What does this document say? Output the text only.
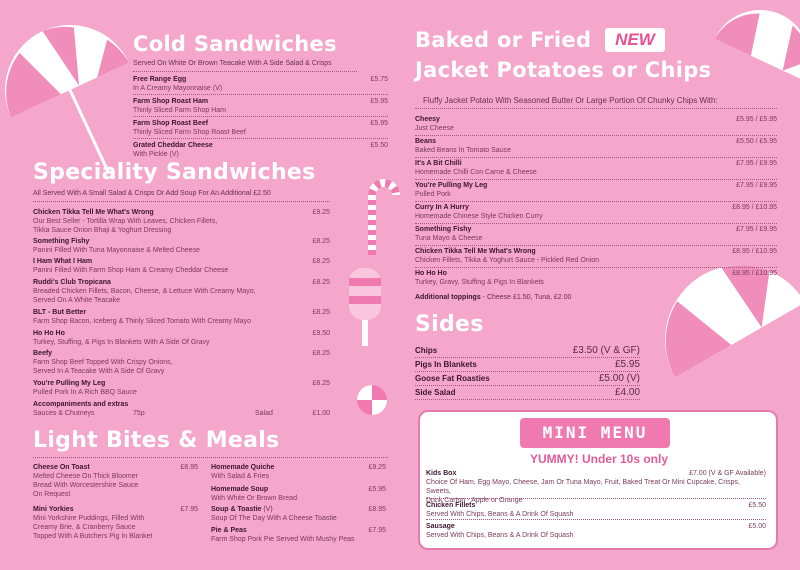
Cold Sandwiches
Served On White Or Brown Teacake With A Side Salad & Crisps
Free Range Egg	£5.75
In A Creamy Mayonnaise (V)
Farm Shop Roast Ham	£5.95
Thinly Sliced Farm Shop Ham
Farm Shop Roast Beef	£5.95
Thinly Sliced Farm Shop Roast Beef
Grated Cheddar Cheese	£5.50
With Pickle (V)
Speciality Sandwiches
All Served With A Small Salad & Crisps Or Add Soup For An Additional £2.50
Chicken Tikka Tell Me What's Wrong	£9.25
Our Best Seller - Tortilla Wrap With Leaves, Chicken Fillets,
Tikka Sauce Onion Bhaji & Yoghurt Dressing
Something Fishy	£8.25
Panini Filled With Tuna Mayonnaise & Melted Cheese
I Ham What I Ham	£8.25
Panini Filled With Farm Shop Ham & Creamy Cheddar Cheese
Ruddi's Club Tropicana	£8.25
Breaded Chicken Fillets, Bacon, Cheese, & Lettuce With Creamy Mayo,
Served On A White Teacake
BLT - But Better	£8.25
Farm Shop Bacon, Iceberg & Thinly Sliced Tomato With Creamy Mayo
Ho Ho Ho	£9.50
Turkey, Stuffing, & Pigs In Blankets With A Side Of Gravy
Beefy	£8.25
Farm Shop Beef Topped With Crispy Onions,
Served In A Teacake With A Side Of Gravy
You're Pulling My Leg	£8.25
Pulled Pork In A Rich BBQ Sauce
Accompaniments and extras
Sauces & Chutneys	75p	Salad	£1.00
Light Bites & Meals
Cheese On Toast	£6.95
Melted Cheese On Thick Bloomer
Bread With Worcestershire Sauce
On Request
Mini Yorkies	£7.95
Mini Yorkshire Puddings, Filled With
Creamy Brie, & Cranberry Sauce
Topped With A Butchers Pig In Blanket
Homemade Quiche	£9.25
With Salad & Fries
Homemade Soup	£5.95
With White Or Brown Bread
Soup & Toastie (V)	£8.95
Soup Of The Day With A Cheese Toastie
Pie & Peas	£7.95
Farm Shop Pork Pie Served With Mushy Peas
Baked or Fried	NEW
Jacket Potatoes or Chips
Fluffy Jacket Potato With Seasoned Butter Or Large Portion Of Chunky Chips With:
Cheesy	£5.95 / £5.95
Just Cheese
Beans	£5.50 / £5.95
Baked Beans In Tomato Sauce
It's A Bit Chilli	£7.95 / £9.95
Homemade Chilli Con Carne & Cheese
You're Pulling My Leg	£7.95 / £9.95
Pulled Pork
Curry In A Hurry	£8.95 / £10.95
Homemade Chinese Style Chicken Curry
Something Fishy	£7.95 / £9.95
Tuna Mayo & Cheese
Chicken Tikka Tell Me What's Wrong	£8.95 / £10.95
Chicken Fillets, Tikka & Yoghurt Sauce - Pickled Red Onion
Ho Ho Ho	£8.95 / £10.95
Turkey, Gravy, Stuffing & Pigs In Blankets
Additional toppings - Cheese £1.50, Tuna, £2.00
Sides
Chips	£3.50 (V & GF)
Pigs In Blankets	£5.95
Goose Fat Roasties	£5.00 (V)
Side Salad	£4.00
MINI MENU
YUMMY! Under 10s only
Kids Box	£7.00 (V & GF Available)
Choice Of Ham, Egg Mayo, Cheese, Jam Or Tuna Mayo, Fruit, Baked Treat Or Mini Cupcake, Crisps, Sweets,
Drink Carton - Apple or Orange
Chicken Fillets	£5.50
Served With Chips, Beans & A Drink Of Squash
Sausage	£5.00
Served With Chips, Beans & A Drink Of Squash
